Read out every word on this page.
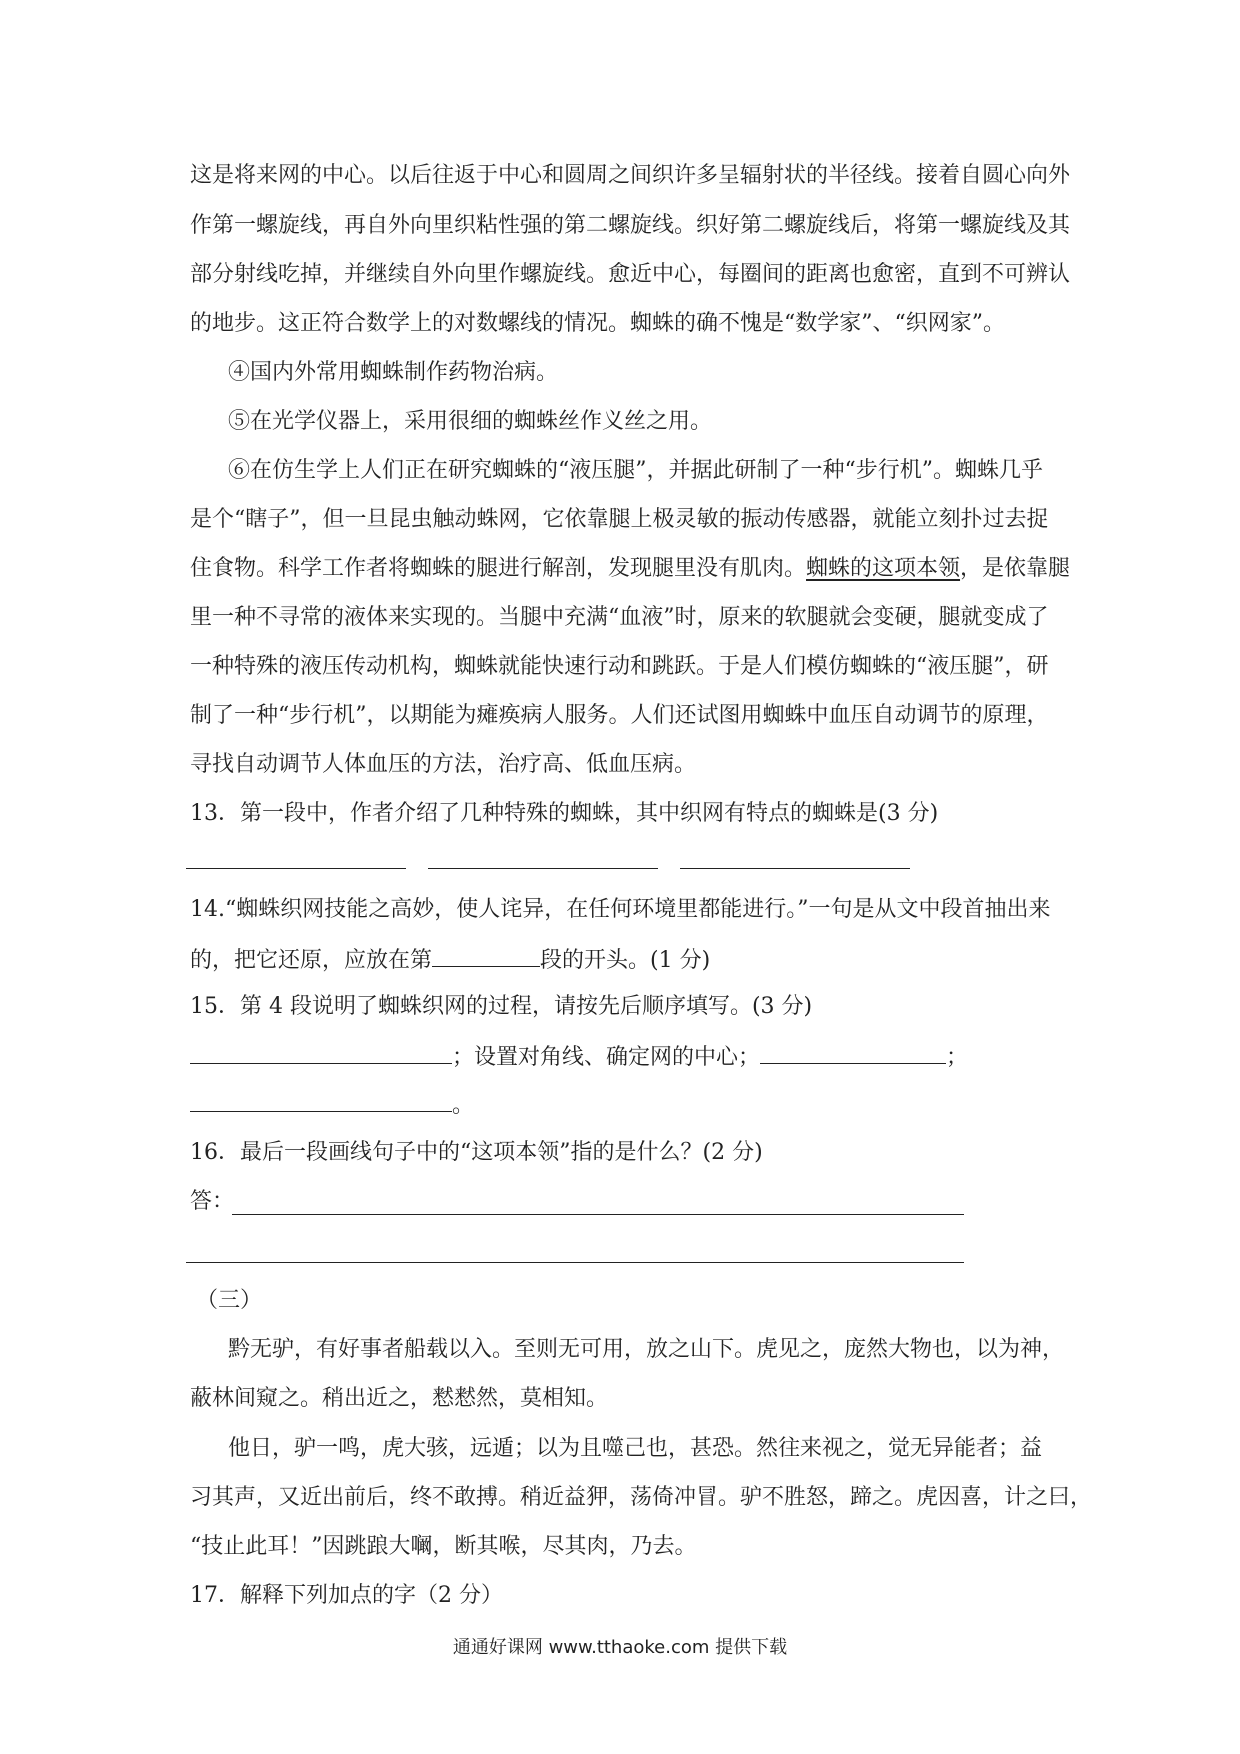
这是将来网的中心。以后往返于中心和圆周之间织许多呈辐射状的半径线。接着自圆心向外
作第一螺旋线，再自外向里织粘性强的第二螺旋线。织好第二螺旋线后，将第一螺旋线及其
部分射线吃掉，并继续自外向里作螺旋线。愈近中心，每圈间的距离也愈密，直到不可辨认
的地步。这正符合数学上的对数螺线的情况。蜘蛛的确不愧是“数学家”、“织网家”。
④国内外常用蜘蛛制作药物治病。
⑤在光学仪器上，采用很细的蜘蛛丝作义丝之用。
⑥在仿生学上人们正在研究蜘蛛的“液压腿”，并据此研制了一种“步行机”。蜘蛛几乎
是个“瞎子”，但一旦昆虫触动蛛网，它依靠腿上极灵敏的振动传感器，就能立刻扑过去捉
住食物。科学工作者将蜘蛛的腿进行解剖，发现腿里没有肌肉。蜘蛛的这项本领，是依靠腿
里一种不寻常的液体来实现的。当腿中充满“血液”时，原来的软腿就会变硬，腿就变成了
一种特殊的液压传动机构，蜘蛛就能快速行动和跳跃。于是人们模仿蜘蛛的“液压腿”，研
制了一种“步行机”，以期能为瘫痪病人服务。人们还试图用蜘蛛中血压自动调节的原理，
寻找自动调节人体血压的方法，治疗高、低血压病。
13．第一段中，作者介绍了几种特殊的蜘蛛，其中织网有特点的蜘蛛是(3 分)
14.“蜘蛛织网技能之高妙，使人诧异，在任何环境里都能进行。”一句是从文中段首抽出来
的，把它还原，应放在第	段的开头。(1 分)
15．第 4 段说明了蜘蛛织网的过程，请按先后顺序填写。(3 分)
；设置对角线、确定网的中心；	；
。
16．最后一段画线句子中的“这项本领”指的是什么？(2 分)
答：
（三）
黔无驴，有好事者船载以入。至则无可用，放之山下。虎见之，庞然大物也，以为神，
蔽林间窥之。稍出近之，慭慭然，莫相知。
他日，驴一鸣，虎大骇，远遁；以为且噬己也，甚恐。然往来视之，觉无异能者；益
习其声，又近出前后，终不敢搏。稍近益狎，荡倚冲冒。驴不胜怒，蹄之。虎因喜，计之曰，
“技止此耳！”因跳踉大㘎，断其喉，尽其肉，乃去。
17．解释下列加点的字（2 分）
通通好课网 www.tthaoke.com 提供下载
